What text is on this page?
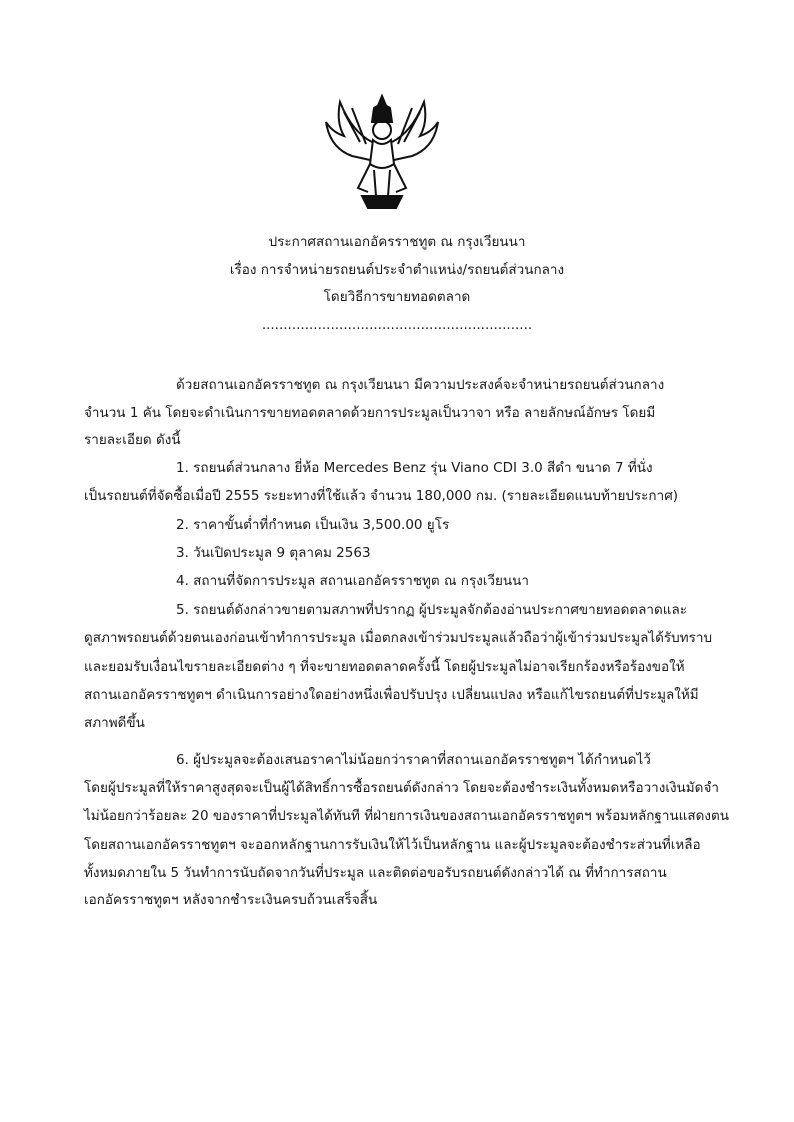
ประกาศสถานเอกอัครราชทูต ณ กรุงเวียนนา
เรื่อง การจำหน่ายรถยนต์ประจำตำแหน่ง/รถยนต์ส่วนกลาง
โดยวิธีการขายทอดตลาด
...............................................................
ด้วยสถานเอกอัครราชทูต ณ กรุงเวียนนา มีความประสงค์จะจำหน่ายรถยนต์ส่วนกลาง
จำนวน 1 คัน โดยจะดำเนินการขายทอดตลาดด้วยการประมูลเป็นวาจา หรือ ลายลักษณ์อักษร โดยมี
รายละเอียด ดังนี้
1. รถยนต์ส่วนกลาง ยี่ห้อ Mercedes Benz รุ่น Viano CDI 3.0 สีดำ ขนาด 7 ที่นั่ง
เป็นรถยนต์ที่จัดซื้อเมื่อปี 2555 ระยะทางที่ใช้แล้ว จำนวน 180,000 กม. (รายละเอียดแนบท้ายประกาศ)
2. ราคาขั้นต่ำที่กำหนด เป็นเงิน 3,500.00 ยูโร
3. วันเปิดประมูล 9 ตุลาคม 2563
4. สถานที่จัดการประมูล สถานเอกอัครราชทูต ณ กรุงเวียนนา
5. รถยนต์ดังกล่าวขายตามสภาพที่ปรากฏ ผู้ประมูลจักต้องอ่านประกาศขายทอดตลาดและ
ดูสภาพรถยนต์ด้วยตนเองก่อนเข้าทำการประมูล เมื่อตกลงเข้าร่วมประมูลแล้วถือว่าผู้เข้าร่วมประมูลได้รับทราบ
และยอมรับเงื่อนไขรายละเอียดต่าง ๆ ที่จะขายทอดตลาดครั้งนี้ โดยผู้ประมูลไม่อาจเรียกร้องหรือร้องขอให้
สถานเอกอัครราชทูตฯ ดำเนินการอย่างใดอย่างหนึ่งเพื่อปรับปรุง เปลี่ยนแปลง หรือแก้ไขรถยนต์ที่ประมูลให้มี
สภาพดีขึ้น
6. ผู้ประมูลจะต้องเสนอราคาไม่น้อยกว่าราคาที่สถานเอกอัครราชทูตฯ ได้กำหนดไว้
โดยผู้ประมูลที่ให้ราคาสูงสุดจะเป็นผู้ได้สิทธิ์การซื้อรถยนต์ดังกล่าว โดยจะต้องชำระเงินทั้งหมดหรือวางเงินมัดจำ
ไม่น้อยกว่าร้อยละ 20 ของราคาที่ประมูลได้ทันที ที่ฝ่ายการเงินของสถานเอกอัครราชทูตฯ พร้อมหลักฐานแสดงตน
โดยสถานเอกอัครราชทูตฯ จะออกหลักฐานการรับเงินให้ไว้เป็นหลักฐาน และผู้ประมูลจะต้องชำระส่วนที่เหลือ
ทั้งหมดภายใน 5 วันทำการนับถัดจากวันที่ประมูล และติดต่อขอรับรถยนต์ดังกล่าวได้ ณ ที่ทำการสถาน
เอกอัครราชทูตฯ หลังจากชำระเงินครบถ้วนเสร็จสิ้น
